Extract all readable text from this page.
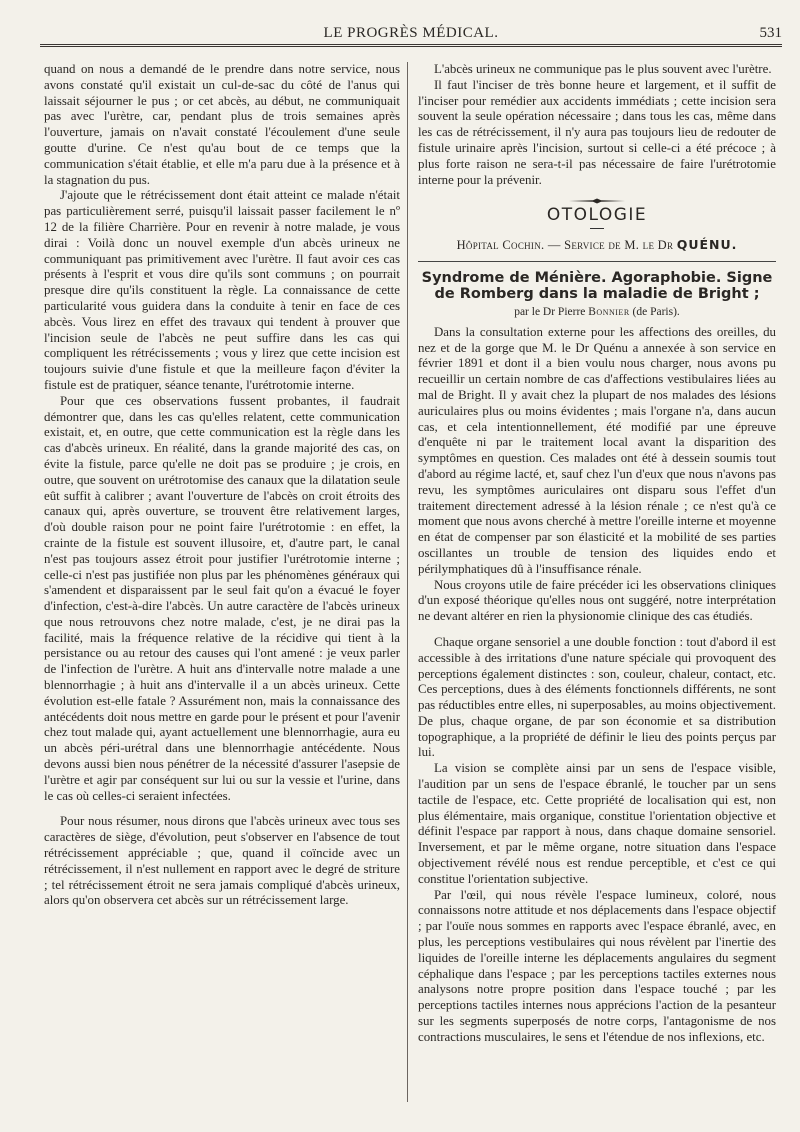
LE PROGRÈS MÉDICAL.	531

quand on nous a demandé de le prendre dans notre service, nous avons constaté qu'il existait un cul-de-sac du côté de l'anus qui laissait séjourner le pus ; or cet abcès, au début, ne communiquait pas avec l'urètre, car, pendant plus de trois semaines après l'ouverture, jamais on n'avait constaté l'écoulement d'une seule goutte d'urine. Ce n'est qu'au bout de ce temps que la communication s'était établie, et elle m'a paru due à la présence et à la stagnation du pus.

J'ajoute que le rétrécissement dont était atteint ce malade n'était pas particulièrement serré, puisqu'il laissait passer facilement le nº 12 de la filière Charrière. Pour en revenir à notre malade, je vous dirai : Voilà donc un nouvel exemple d'un abcès urineux ne communiquant pas primitivement avec l'urètre. Il faut avoir ces cas présents à l'esprit et vous dire qu'ils sont communs ; on pourrait presque dire qu'ils constituent la règle. La connaissance de cette particularité vous guidera dans la conduite à tenir en face de ces abcès. Vous lirez en effet des travaux qui tendent à prouver que l'incision seule de l'abcès ne peut suffire dans les cas qui compliquent les rétrécissements ; vous y lirez que cette incision est toujours suivie d'une fistule et que la meilleure façon d'éviter la fistule est de pratiquer, séance tenante, l'urétrotomie interne.

Pour que ces observations fussent probantes, il faudrait démontrer que, dans les cas qu'elles relatent, cette communication existait, et, en outre, que cette communication est la règle dans les cas d'abcès urineux. En réalité, dans la grande majorité des cas, on évite la fistule, parce qu'elle ne doit pas se produire ; je crois, en outre, que souvent on urétrotomise des canaux que la dilatation seule eût suffit à calibrer ; avant l'ouverture de l'abcès on croit étroits des canaux qui, après ouverture, se trouvent être relativement larges, d'où double raison pour ne point faire l'urétrotomie : en effet, la crainte de la fistule est souvent illusoire, et, d'autre part, le canal n'est pas toujours assez étroit pour justifier l'urétrotomie interne ; celle-ci n'est pas justifiée non plus par les phénomènes généraux qui s'amendent et disparaissent par le seul fait qu'on a évacué le foyer d'infection, c'est-à-dire l'abcès. Un autre caractère de l'abcès urineux que nous retrouvons chez notre malade, c'est, je ne dirai pas la facilité, mais la fréquence relative de la récidive qui tient à la persistance ou au retour des causes qui l'ont amené : je veux parler de l'infection de l'urètre. A huit ans d'intervalle notre malade a une blennorrhagie ; à huit ans d'intervalle il a un abcès urineux. Cette évolution est-elle fatale ? Assurément non, mais la connaissance des antécédents doit nous mettre en garde pour le présent et pour l'avenir chez tout malade qui, ayant actuellement une blennorrhagie, aura eu un abcès péri-urétral dans une blennorrhagie antécédente. Nous devons aussi bien nous pénétrer de la nécessité d'assurer l'asepsie de l'urètre et agir par conséquent sur lui ou sur la vessie et l'urine, dans le cas où celles-ci seraient infectées.

Pour nous résumer, nous dirons que l'abcès urineux avec tous ses caractères de siège, d'évolution, peut s'observer en l'absence de tout rétrécissement appréciable ; que, quand il coïncide avec un rétrécissement, il n'est nullement en rapport avec le degré de striture ; tel rétrécissement étroit ne sera jamais compliqué d'abcès urineux, alors qu'on observera cet abcès sur un rétrécissement large.

L'abcès urineux ne communique pas le plus souvent avec l'urètre.

Il faut l'inciser de très bonne heure et largement, et il suffit de l'inciser pour remédier aux accidents immédiats ; cette incision sera souvent la seule opération nécessaire ; dans tous les cas, même dans les cas de rétrécissement, il n'y aura pas toujours lieu de redouter de fistule urinaire après l'incision, surtout si celle-ci a été précoce ; à plus forte raison ne sera-t-il pas nécessaire de faire l'urétrotomie interne pour la prévenir.

OTOLOGIE
Hôpital Cochin. — Service de M. le Dr QUÉNU.
Syndrome de Ménière. Agoraphobie. Signe de Romberg dans la maladie de Bright ;
par le Dr Pierre Bonnier (de Paris).

Dans la consultation externe pour les affections des oreilles, du nez et de la gorge que M. le Dr Quénu a annexée à son service en février 1891 et dont il a bien voulu nous charger, nous avons pu recueillir un certain nombre de cas d'affections vestibulaires liées au mal de Bright. Il y avait chez la plupart de nos malades des lésions auriculaires plus ou moins évidentes ; mais l'organe n'a, dans aucun cas, et cela intentionnellement, été modifié par une épreuve d'enquête ni par le traitement local avant la disparition des symptômes en question. Ces malades ont été à dessein soumis tout d'abord au régime lacté, et, sauf chez l'un d'eux que nous n'avons pas revu, les symptômes auriculaires ont disparu sous l'effet d'un traitement directement adressé à la lésion rénale ; ce n'est qu'à ce moment que nous avons cherché à mettre l'oreille interne et moyenne en état de compenser par son élasticité et la mobilité de ses parties oscillantes un trouble de tension des liquides endo et périlymphatiques dû à l'insuffisance rénale.

Nous croyons utile de faire précéder ici les observations cliniques d'un exposé théorique qu'elles nous ont suggéré, notre interprétation ne devant altérer en rien la physionomie clinique des cas étudiés.

Chaque organe sensoriel a une double fonction : tout d'abord il est accessible à des irritations d'une nature spéciale qui provoquent des perceptions également distinctes : son, couleur, chaleur, contact, etc. Ces perceptions, dues à des éléments fonctionnels différents, ne sont pas réductibles entre elles, ni superposables, au moins objectivement. De plus, chaque organe, de par son économie et sa distribution topographique, a la propriété de définir le lieu des points perçus par lui.

La vision se complète ainsi par un sens de l'espace visible, l'audition par un sens de l'espace ébranlé, le toucher par un sens tactile de l'espace, etc. Cette propriété de localisation qui est, non plus élémentaire, mais organique, constitue l'orientation objective et définit l'espace par rapport à nous, dans chaque domaine sensoriel. Inversement, et par le même organe, notre situation dans l'espace objectivement révélé nous est rendue perceptible, et c'est ce qui constitue l'orientation subjective.

Par l'œil, qui nous révèle l'espace lumineux, coloré, nous connaissons notre attitude et nos déplacements dans l'espace objectif ; par l'ouïe nous sommes en rapports avec l'espace ébranlé, avec, en plus, les perceptions vestibulaires qui nous révèlent par l'inertie des liquides de l'oreille interne les déplacements angulaires du segment céphalique dans l'espace ; par les perceptions tactiles externes nous analysons notre propre position dans l'espace touché ; par les perceptions tactiles internes nous apprécions l'action de la pesanteur sur les segments superposés de notre corps, l'antagonisme de nos contractions musculaires, le sens et l'étendue de nos inflexions, etc.
